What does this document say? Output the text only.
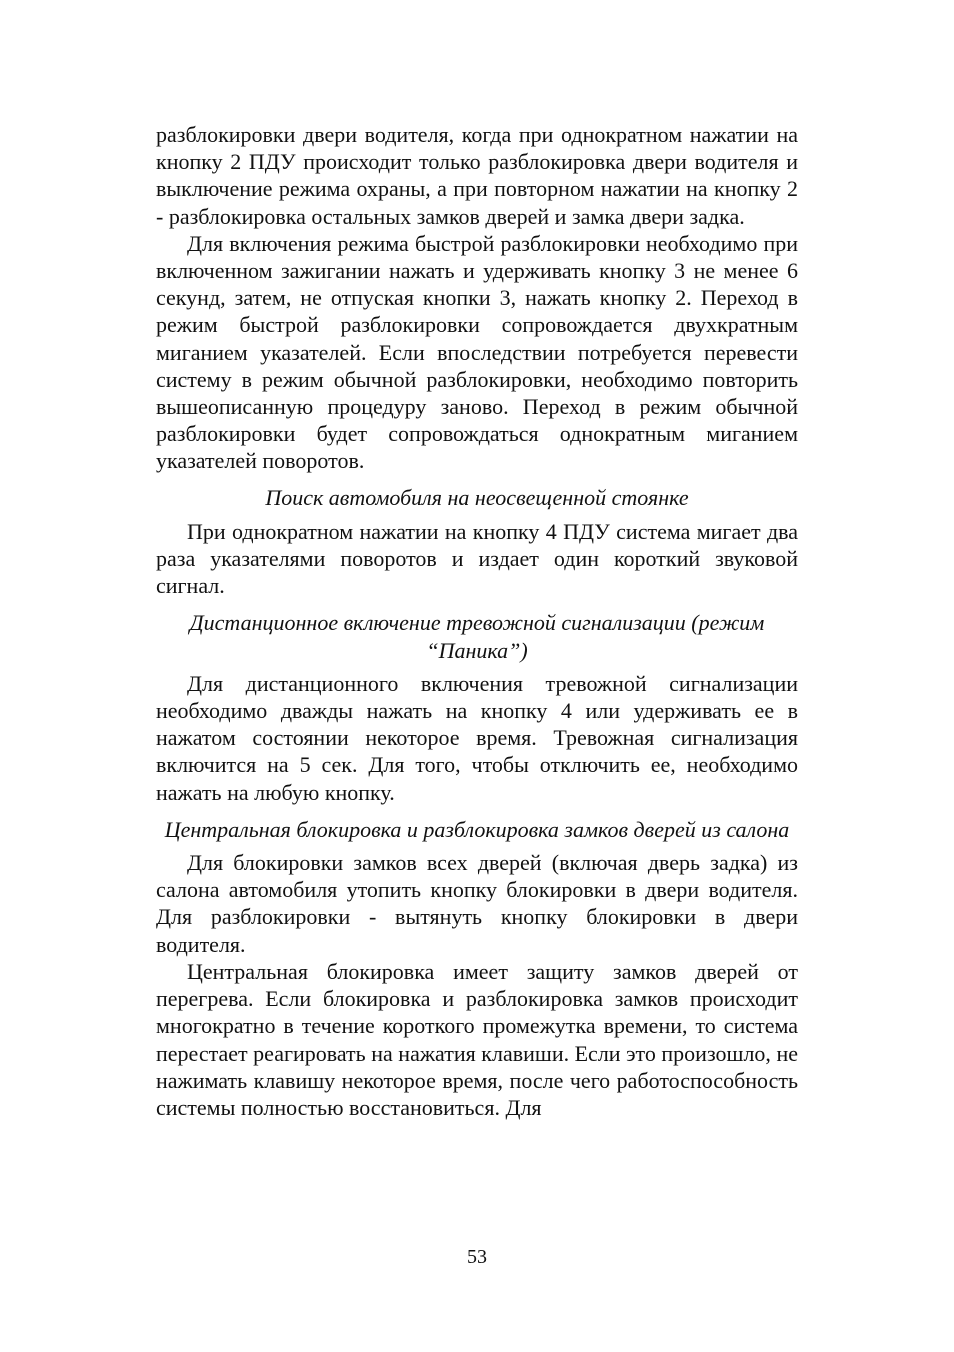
разблокировки двери водителя, когда при однократном нажатии на кнопку 2 ПДУ происходит только разблокировка двери водителя и выключение режима охраны, а при повторном нажатии на кнопку 2 - разблокировка остальных замков дверей и замка двери задка.

Для включения режима быстрой разблокировки необходимо при включенном зажигании нажать и удерживать кнопку 3 не менее 6 секунд, затем, не отпуская кнопки 3, нажать кнопку 2. Переход в режим быстрой разблокировки сопровождается двухкратным миганием указателей. Если впоследствии потребуется перевести систему в режим обычной разблокировки, необходимо повторить вышеописанную процедуру заново. Переход в режим обычной разблокировки будет сопровождаться однократным миганием указателей поворотов.

Поиск автомобиля на неосвещенной стоянке

При однократном нажатии на кнопку 4 ПДУ система мигает два раза указателями поворотов и издает один короткий звуковой сигнал.

Дистанционное включение тревожной сигнализации (режим “Паника”)

Для дистанционного включения тревожной сигнализации необходимо дважды нажать на кнопку 4 или удерживать ее в нажатом состоянии некоторое время. Тревожная сигнализация включится на 5 сек. Для того, чтобы отключить ее, необходимо нажать на любую кнопку.

Центральная блокировка и разблокировка замков дверей из салона

Для блокировки замков всех дверей (включая дверь задка) из салона автомобиля утопить кнопку блокировки в двери водителя. Для разблокировки - вытянуть кнопку блокировки в двери водителя.

Центральная блокировка имеет защиту замков дверей от перегрева. Если блокировка и разблокировка замков происходит многократно в течение короткого промежутка времени, то система перестает реагировать на нажатия клавиши. Если это произошло, не нажимать клавишу некоторое время, после чего работоспособность системы полностью восстановиться. Для

53
